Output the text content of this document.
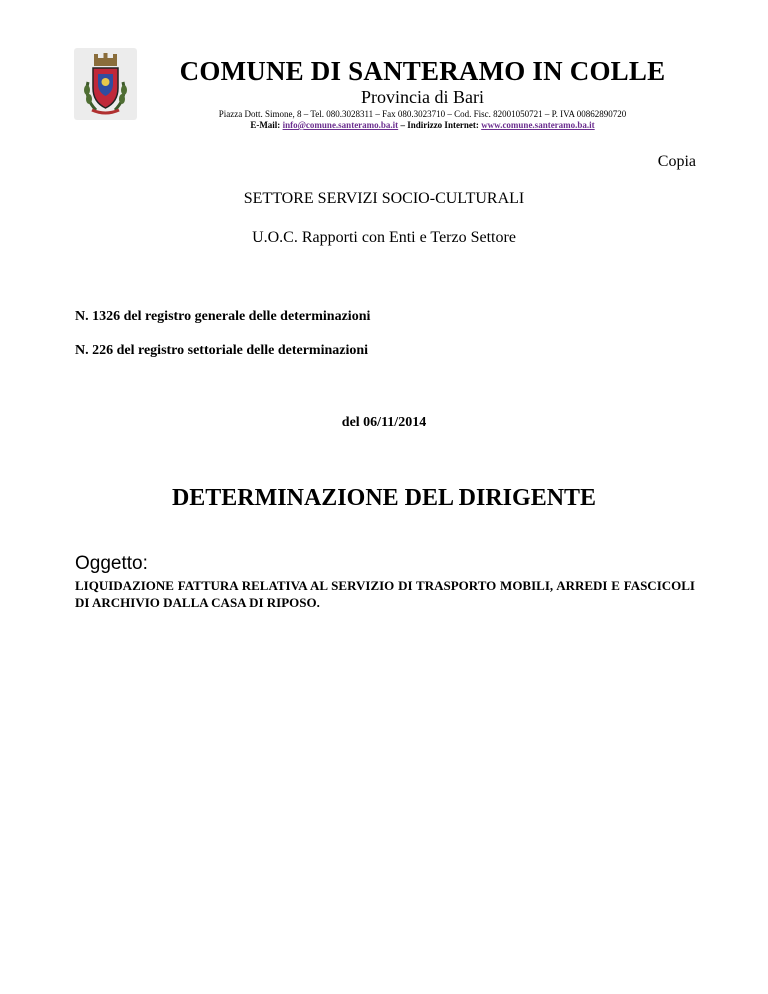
COMUNE DI SANTERAMO IN COLLE
Provincia di Bari
Piazza Dott. Simone, 8 – Tel. 080.3028311 – Fax 080.3023710 – Cod. Fisc. 82001050721 – P. IVA 00862890720
E-Mail: info@comune.santeramo.ba.it – Indirizzo Internet: www.comune.santeramo.ba.it
Copia
SETTORE SERVIZI SOCIO-CULTURALI
U.O.C. Rapporti con Enti e Terzo Settore
N. 1326 del registro generale delle determinazioni
N. 226 del registro settoriale delle determinazioni
del 06/11/2014
DETERMINAZIONE DEL DIRIGENTE
Oggetto:
LIQUIDAZIONE FATTURA RELATIVA AL SERVIZIO DI TRASPORTO MOBILI, ARREDI E FASCICOLI DI ARCHIVIO DALLA CASA DI RIPOSO.
